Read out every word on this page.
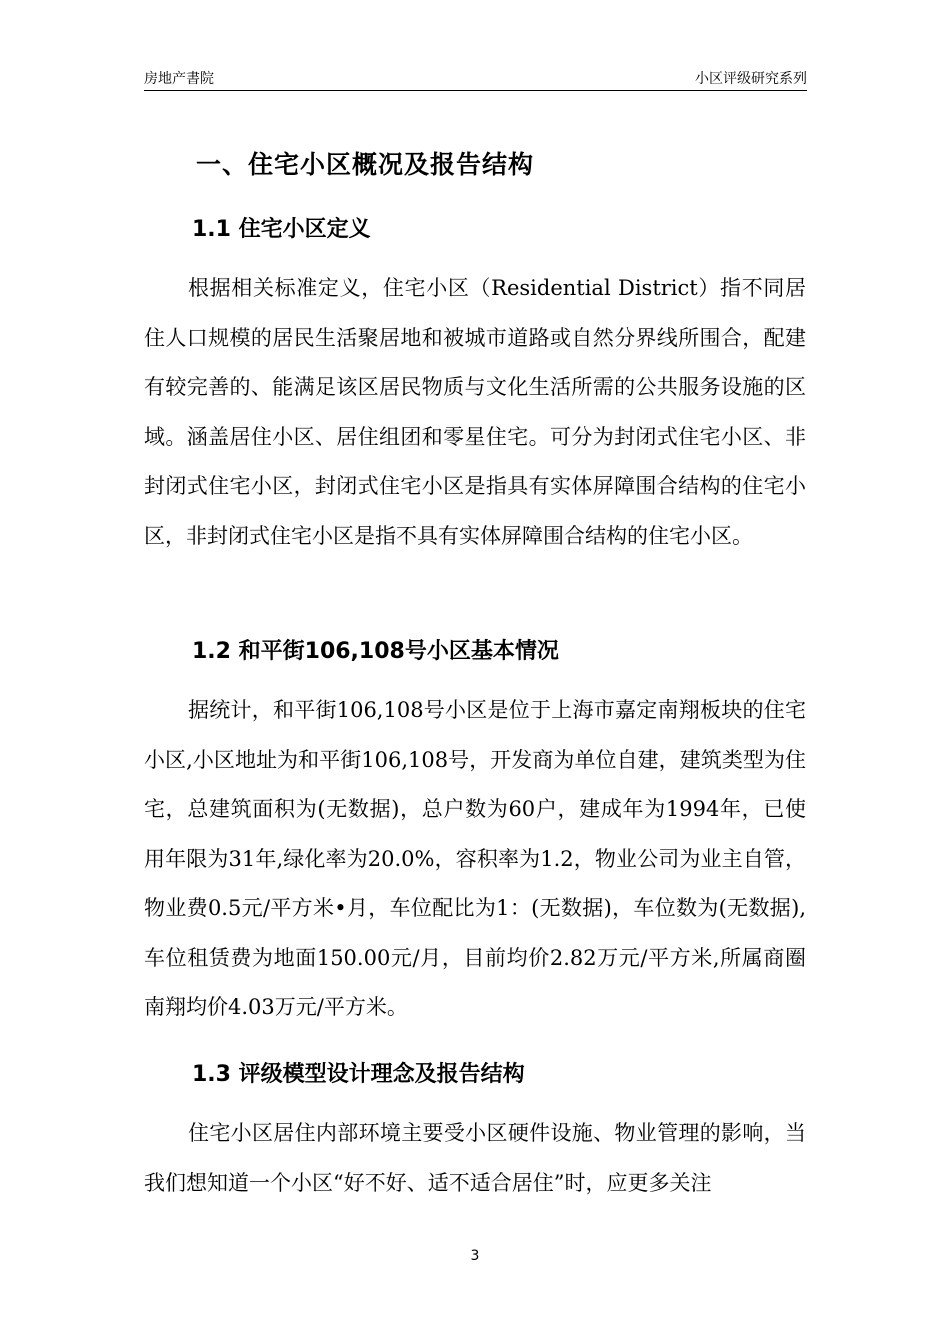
房地产書院	小区评级研究系列
一、住宅小区概况及报告结构
1.1 住宅小区定义
根据相关标准定义，住宅小区（Residential District）指不同居住人口规模的居民生活聚居地和被城市道路或自然分界线所围合，配建有较完善的、能满足该区居民物质与文化生活所需的公共服务设施的区域。涵盖居住小区、居住组团和零星住宅。可分为封闭式住宅小区、非封闭式住宅小区，封闭式住宅小区是指具有实体屏障围合结构的住宅小区，非封闭式住宅小区是指不具有实体屏障围合结构的住宅小区。
1.2 和平街106,108号小区基本情况
据统计，和平街106,108号小区是位于上海市嘉定南翔板块的住宅小区,小区地址为和平街106,108号，开发商为单位自建，建筑类型为住宅，总建筑面积为(无数据)，总户数为60户，建成年为1994年，已使用年限为31年,绿化率为20.0%，容积率为1.2，物业公司为业主自管，物业费0.5元/平方米•月，车位配比为1：(无数据)，车位数为(无数据),车位租赁费为地面150.00元/月，目前均价2.82万元/平方米,所属商圈南翔均价4.03万元/平方米。
1.3 评级模型设计理念及报告结构
住宅小区居住内部环境主要受小区硬件设施、物业管理的影响，当我们想知道一个小区“好不好、适不适合居住”时，应更多关注
3
